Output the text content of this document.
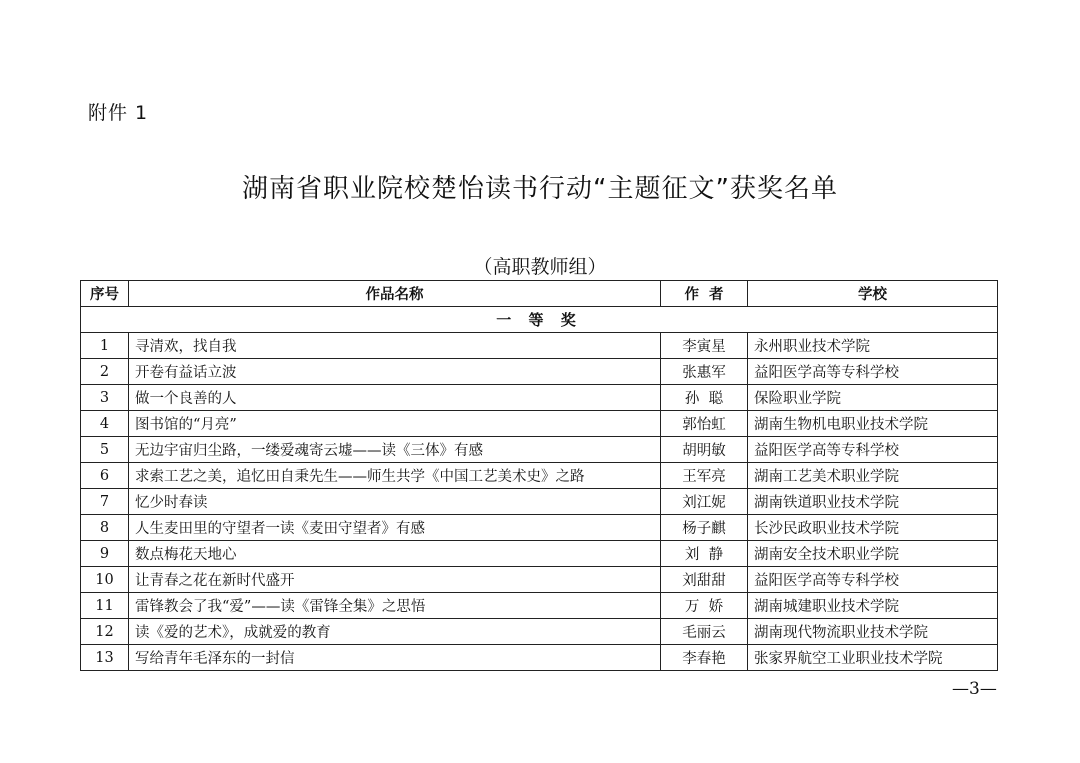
附件 1
湖南省职业院校楚怡读书行动“主题征文”获奖名单
（高职教师组）
序号	作品名称	作  者	学校
一 等 奖			
1	寻清欢，找自我	李寅星	永州职业技术学院
2	开卷有益话立波	张惠军	益阳医学高等专科学校
3	做一个良善的人	孙  聪	保险职业学院
4	图书馆的“月亮”	郭怡虹	湖南生物机电职业技术学院
5	无边宇宙归尘路，一缕爱魂寄云墟——读《三体》有感	胡明敏	益阳医学高等专科学校
6	求索工艺之美，追忆田自秉先生——师生共学《中国工艺美术史》之路	王军亮	湖南工艺美术职业学院
7	忆少时春读	刘江妮	湖南铁道职业技术学院
8	人生麦田里的守望者一读《麦田守望者》有感	杨子麒	长沙民政职业技术学院
9	数点梅花天地心	刘  静	湖南安全技术职业学院
10	让青春之花在新时代盛开	刘甜甜	益阳医学高等专科学校
11	雷锋教会了我“爱”——读《雷锋全集》之思悟	万  娇	湖南城建职业技术学院
12	读《爱的艺术》，成就爱的教育	毛丽云	湖南现代物流职业技术学院
13	写给青年毛泽东的一封信	李春艳	张家界航空工业职业技术学院
—3—
